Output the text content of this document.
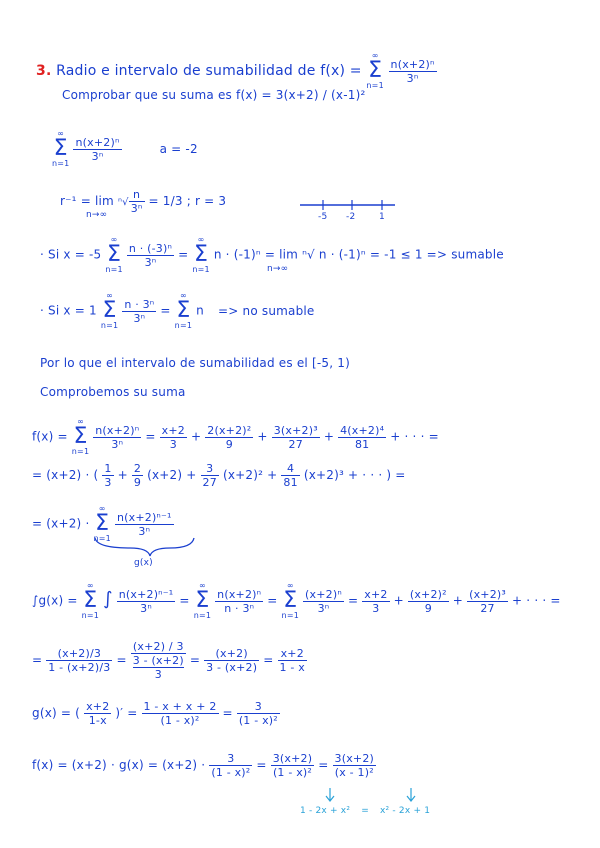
3. Radio e intervalo de sumabilidad de f(x) =
∞
Σ
n=1

$\frac{\text{n(x+2)ⁿ}}{\text{3ⁿ}}$
Comprobar que su suma es f(x) = 3(x+2) / (x-1)²
∞
Σ
n=1

$\frac{\text{n(x+2)ⁿ}}{\text{3ⁿ}}$	a = -2
$r^{-1} = \lim ^n√ \frac{n}{\text{3ⁿ}} = 1/3$ ; r = 3
n→∞	-5 -2	1
· Si x = -5
∞
Σ
n=1

$\frac{\text{n · (-3)ⁿ}}{\text{3ⁿ}}$ =
∞
Σ
n=1
n · (-1)ⁿ = lim ⁿ√ n · (-1)ⁿ = -1 ≤ 1 => sumable
n→∞
· Si x = 1
∞
Σ
n=1

$\frac{\text{n · 3ⁿ}}{\text{3ⁿ}}$ =
∞
Σ
n=1
n => no sumable
Por lo que el intervalo de sumabilidad es el [-5, 1)
Comprobemos su suma
f(x) =
∞
Σ
n=1

$\frac{\text{n(x+2)ⁿ}}{\text{3ⁿ}} = \frac{x+2}{3} + \frac{\text{2(x+2)²}}{9} + \frac{\text{3(x+2)³}}{27} + \frac{\text{4(x+2)⁴}}{81}$ + · · · =
= (x+2) · ( $\frac{1}{3} + \frac{2}{9} (x+2) + \frac{3}{27} (x+2)^2 + \frac{4}{81} (x+2)^3$ + · · · ) =
= (x+2) ·
∞
Σ
n=1

$\frac{\text{n(x+2)ⁿ⁻¹}}{\text{3ⁿ}}$
g(x)
∫g(x) =
∞
Σ
n=1
∫ $\frac{\text{n(x+2)ⁿ⁻¹}}{\text{3ⁿ}}$ =
∞
Σ
n=1

$\frac{\text{n(x+2)ⁿ}}{\text{n · 3ⁿ}}$ =
∞
Σ
n=1

$\frac{\text{(x+2)ⁿ}}{\text{3ⁿ}} = \frac{x+2}{3} + \frac{\text{(x+2)²}}{9} + \frac{\text{(x+2)³}}{27}$ + · · · =
= $\frac{(x+2)/3}{1 - (x+2)/3} = (x+2) / 3$
3 - (x+2)
$3 = \frac{(x+2)}{3 - (x+2)} = \frac{x+2}{1 - x}$
g(x) = ( $\frac{x+2}{1-x}$ )′ = $\frac{1 - x + x + 2}{\text{(1 - x)²}} = \frac{3}{\text{(1 - x)²}}$
$f(x) = (x+2) \cdot g(x) = (x+2) \cdot \frac{3}{\text{(1 - x)²}} = \frac{3(x+2)}{\text{(1 - x)²}} = \frac{3(x+2)}{\text{(x - 1)²}}$
1 - 2x + x² = x² - 2x + 1
